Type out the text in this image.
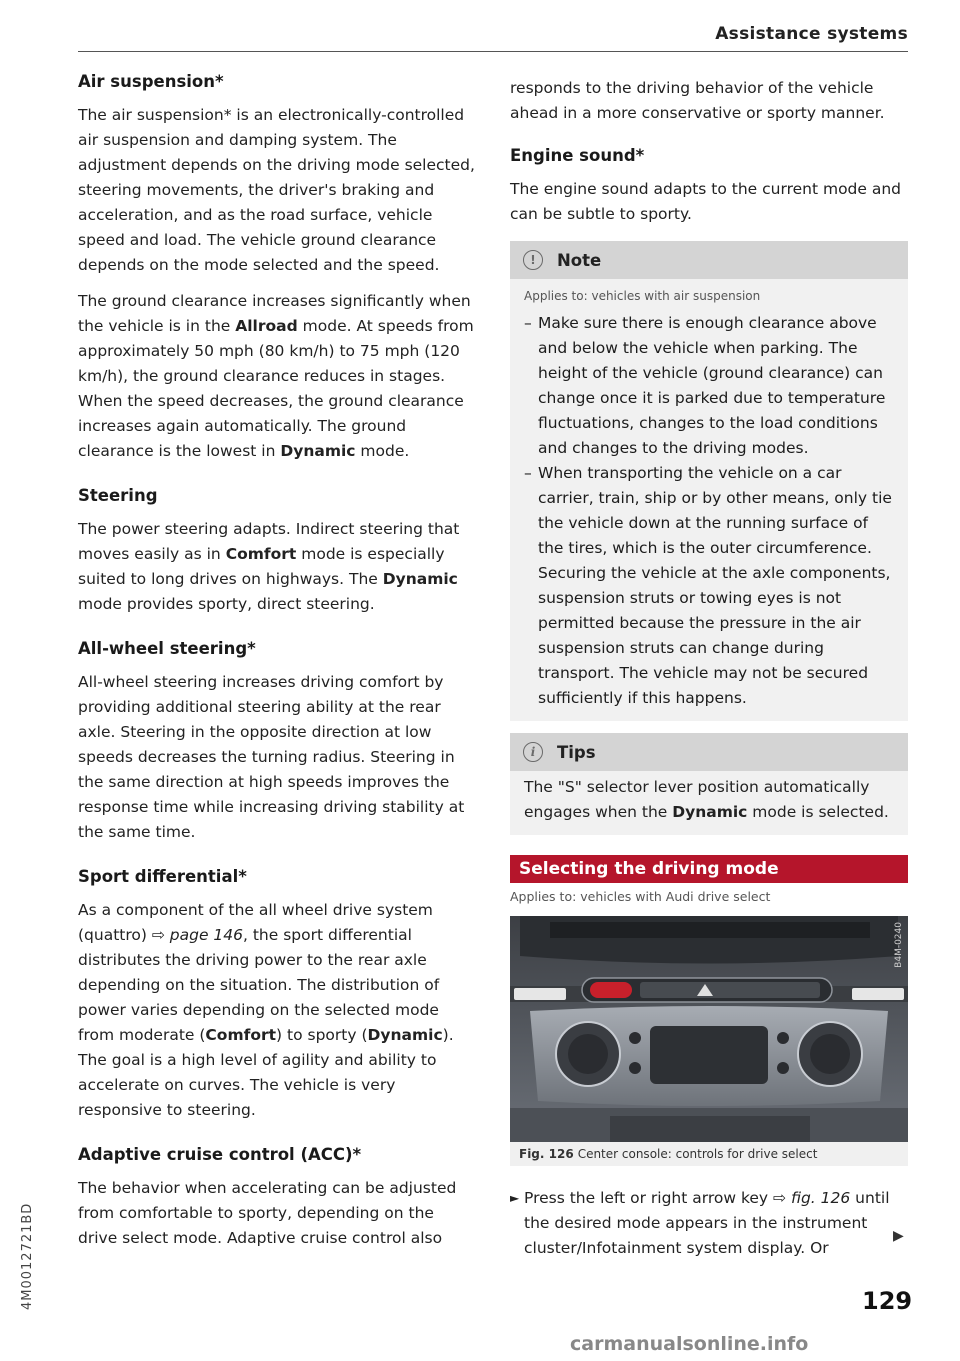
Assistance systems
Air suspension*

The air suspension* is an electronically-controlled air suspension and damping system. The adjustment depends on the driving mode selected, steering movements, the driver's braking and acceleration, and as the road surface, vehicle speed and load. The vehicle ground clearance depends on the mode selected and the speed.

The ground clearance increases significantly when the vehicle is in the Allroad mode. At speeds from approximately 50 mph (80 km/h) to 75 mph (120 km/h), the ground clearance reduces in stages. When the speed decreases, the ground clearance increases again automatically. The ground clearance is the lowest in Dynamic mode.

Steering

The power steering adapts. Indirect steering that moves easily as in Comfort mode is especially suited to long drives on highways. The Dynamic mode provides sporty, direct steering.

All-wheel steering*

All-wheel steering increases driving comfort by providing additional steering ability at the rear axle. Steering in the opposite direction at low speeds decreases the turning radius. Steering in the same direction at high speeds improves the response time while increasing driving stability at the same time.

Sport differential*

As a component of the all wheel drive system (quattro) ⇨ page 146, the sport differential distributes the driving power to the rear axle depending on the situation. The distribution of power varies depending on the selected mode from moderate (Comfort) to sporty (Dynamic). The goal is a high level of agility and ability to accelerate on curves. The vehicle is very responsive to steering.

Adaptive cruise control (ACC)*

The behavior when accelerating can be adjusted from comfortable to sporty, depending on the drive select mode. Adaptive cruise control also

responds to the driving behavior of the vehicle ahead in a more conservative or sporty manner.

Engine sound*

The engine sound adapts to the current mode and can be subtle to sporty.

!	Note
Applies to: vehicles with air suspension
– Make sure there is enough clearance above and below the vehicle when parking. The height of the vehicle (ground clearance) can change once it is parked due to temperature fluctuations, changes to the load conditions and changes to the driving modes.
– When transporting the vehicle on a car carrier, train, ship or by other means, only tie the vehicle down at the running surface of the tires, which is the outer circumference. Securing the vehicle at the axle components, suspension struts or towing eyes is not permitted because the pressure in the air suspension struts can change during transport. The vehicle may not be secured sufficiently if this happens.
i	Tips

The "S" selector lever position automatically engages when the Dynamic mode is selected.

Selecting the driving mode
Applies to: vehicles with Audi drive select
B4M-0240
Fig. 126 Center console: controls for drive select
► Press the left or right arrow key ⇨ fig. 126 until the desired mode appears in the instrument cluster/Infotainment system display. Or
▶
129
4M0012721BD
carmanualsonline.info
